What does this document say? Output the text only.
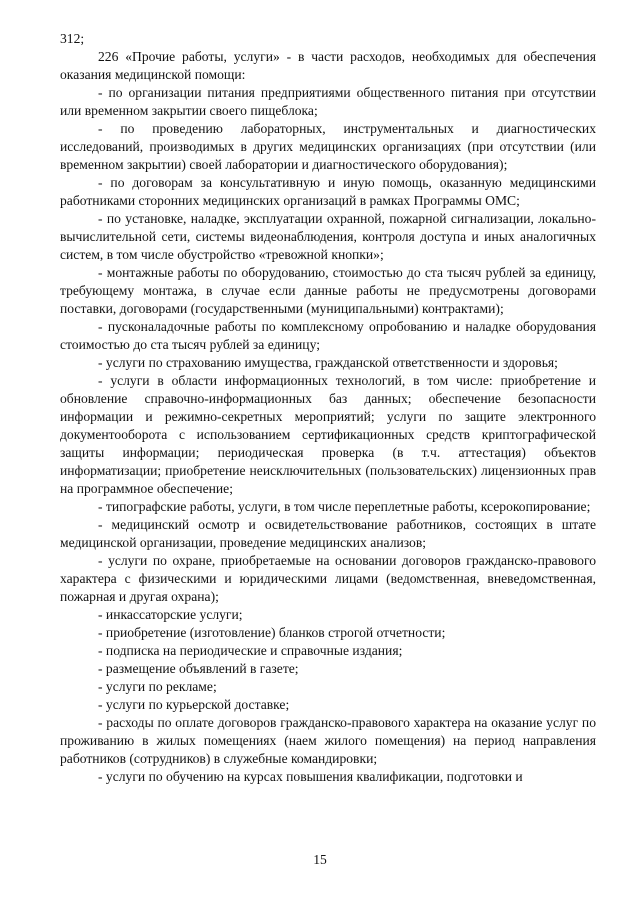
312;

226 «Прочие работы, услуги» - в части расходов, необходимых для обеспечения оказания медицинской помощи:

- по организации питания предприятиями общественного питания при отсутствии или временном закрытии своего пищеблока;

- по проведению лабораторных, инструментальных и диагностических исследований, производимых в других медицинских организациях (при отсутствии (или временном закрытии) своей лаборатории и диагностического оборудования);

- по договорам за консультативную и иную помощь, оказанную медицинскими работниками сторонних медицинских организаций в рамках Программы ОМС;

- по установке, наладке, эксплуатации охранной, пожарной сигнализации, локально-вычислительной сети, системы видеонаблюдения, контроля доступа и иных аналогичных систем, в том числе обустройство «тревожной кнопки»;

- монтажные работы по оборудованию, стоимостью до ста тысяч рублей за единицу, требующему монтажа, в случае если данные работы не предусмотрены договорами поставки, договорами (государственными (муниципальными) контрактами);

- пусконаладочные работы по комплексному опробованию и наладке оборудования стоимостью до ста тысяч рублей за единицу;

- услуги по страхованию имущества, гражданской ответственности и здоровья;

- услуги в области информационных технологий, в том числе: приобретение и обновление справочно-информационных баз данных; обеспечение безопасности информации и режимно-секретных мероприятий; услуги по защите электронного документооборота с использованием сертификационных средств криптографической защиты информации; периодическая проверка (в т.ч. аттестация) объектов информатизации; приобретение неисключительных (пользовательских) лицензионных прав на программное обеспечение;

- типографские работы, услуги, в том числе переплетные работы, ксерокопирование;

- медицинский осмотр и освидетельствование работников, состоящих в штате медицинской организации, проведение медицинских анализов;

- услуги по охране, приобретаемые на основании договоров гражданско-правового характера с физическими и юридическими лицами (ведомственная, вневедомственная, пожарная и другая охрана);

- инкассаторские услуги;

- приобретение (изготовление) бланков строгой отчетности;

- подписка на периодические и справочные издания;

- размещение объявлений в газете;

- услуги по рекламе;

- услуги по курьерской доставке;

- расходы по оплате договоров гражданско-правового характера на оказание услуг по проживанию в жилых помещениях (наем жилого помещения) на период направления работников (сотрудников) в служебные командировки;

- услуги по обучению на курсах повышения квалификации, подготовки и

15
